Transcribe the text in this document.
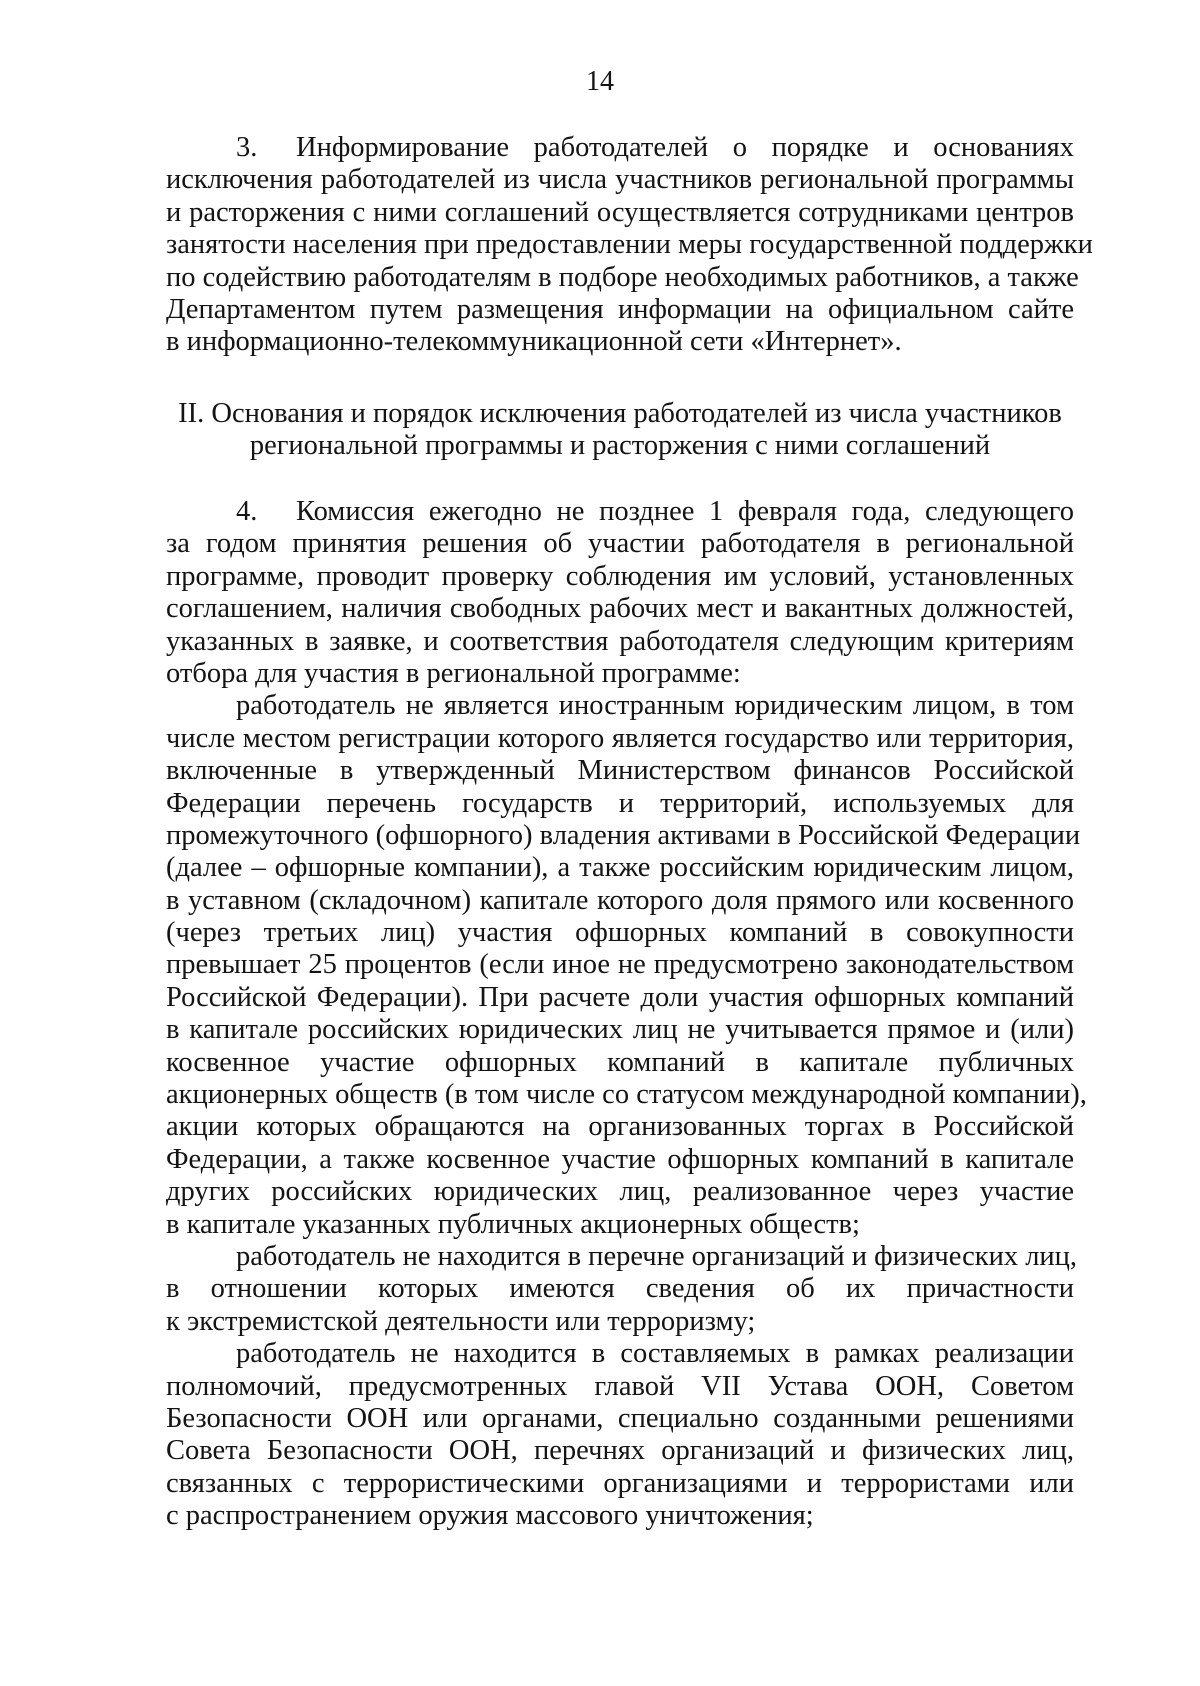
14
3. Информирование работодателей о порядке и основаниях
исключения работодателей из числа участников региональной программы
и расторжения с ними соглашений осуществляется сотрудниками центров
занятости населения при предоставлении меры государственной поддержки
по содействию работодателям в подборе необходимых работников, а также
Департаментом путем размещения информации на официальном сайте
в информационно-телекоммуникационной сети «Интернет».
II. Основания и порядок исключения работодателей из числа участников
региональной программы и расторжения с ними соглашений
4. Комиссия ежегодно не позднее 1 февраля года, следующего
за годом принятия решения об участии работодателя в региональной
программе, проводит проверку соблюдения им условий, установленных
соглашением, наличия свободных рабочих мест и вакантных должностей,
указанных в заявке, и соответствия работодателя следующим критериям
отбора для участия в региональной программе:
работодатель не является иностранным юридическим лицом, в том
числе местом регистрации которого является государство или территория,
включенные в утвержденный Министерством финансов Российской
Федерации перечень государств и территорий, используемых для
промежуточного (офшорного) владения активами в Российской Федерации
(далее – офшорные компании), а также российским юридическим лицом,
в уставном (складочном) капитале которого доля прямого или косвенного
(через третьих лиц) участия офшорных компаний в совокупности
превышает 25 процентов (если иное не предусмотрено законодательством
Российской Федерации). При расчете доли участия офшорных компаний
в капитале российских юридических лиц не учитывается прямое и (или)
косвенное участие офшорных компаний в капитале публичных
акционерных обществ (в том числе со статусом международной компании),
акции которых обращаются на организованных торгах в Российской
Федерации, а также косвенное участие офшорных компаний в капитале
других российских юридических лиц, реализованное через участие
в капитале указанных публичных акционерных обществ;
работодатель не находится в перечне организаций и физических лиц,
в отношении которых имеются сведения об их причастности
к экстремистской деятельности или терроризму;
работодатель не находится в составляемых в рамках реализации
полномочий, предусмотренных главой VII Устава ООН, Советом
Безопасности ООН или органами, специально созданными решениями
Совета Безопасности ООН, перечнях организаций и физических лиц,
связанных с террористическими организациями и террористами или
с распространением оружия массового уничтожения;
